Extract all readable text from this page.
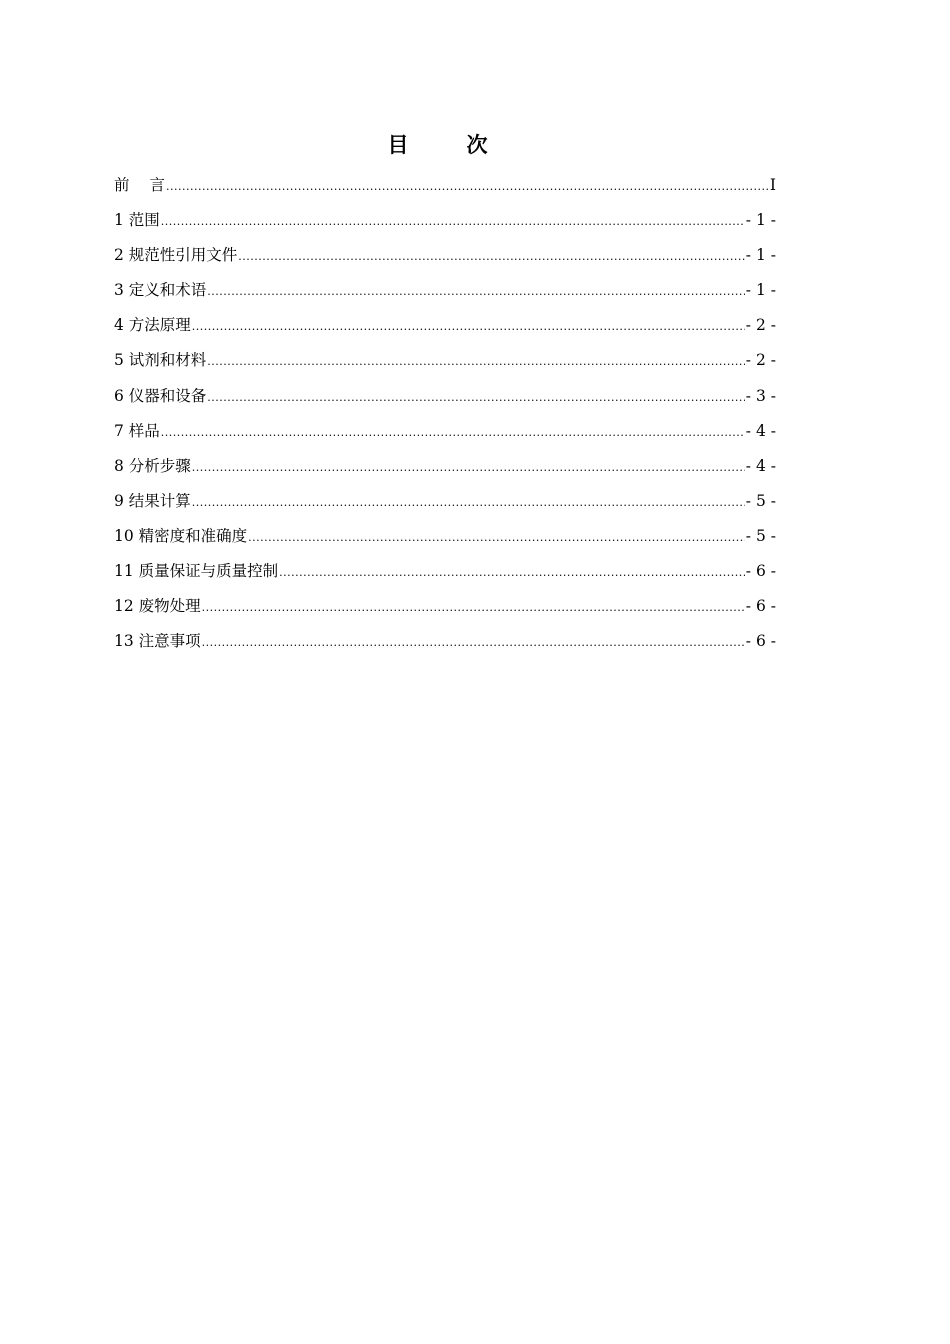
目	次
前 言 .....	I
1 范围 .....	- 1 -
2 规范性引用文件 .....	- 1 -
3 定义和术语 .....	- 1 -
4 方法原理 .....	- 2 -
5 试剂和材料 .....	- 2 -
6 仪器和设备 .....	- 3 -
7 样品 .....	- 4 -
8 分析步骤 .....	- 4 -
9 结果计算 .....	- 5 -
10 精密度和准确度 .....	- 5 -
11 质量保证与质量控制 .....	- 6 -
12 废物处理 .....	- 6 -
13 注意事项 .....	- 6 -
